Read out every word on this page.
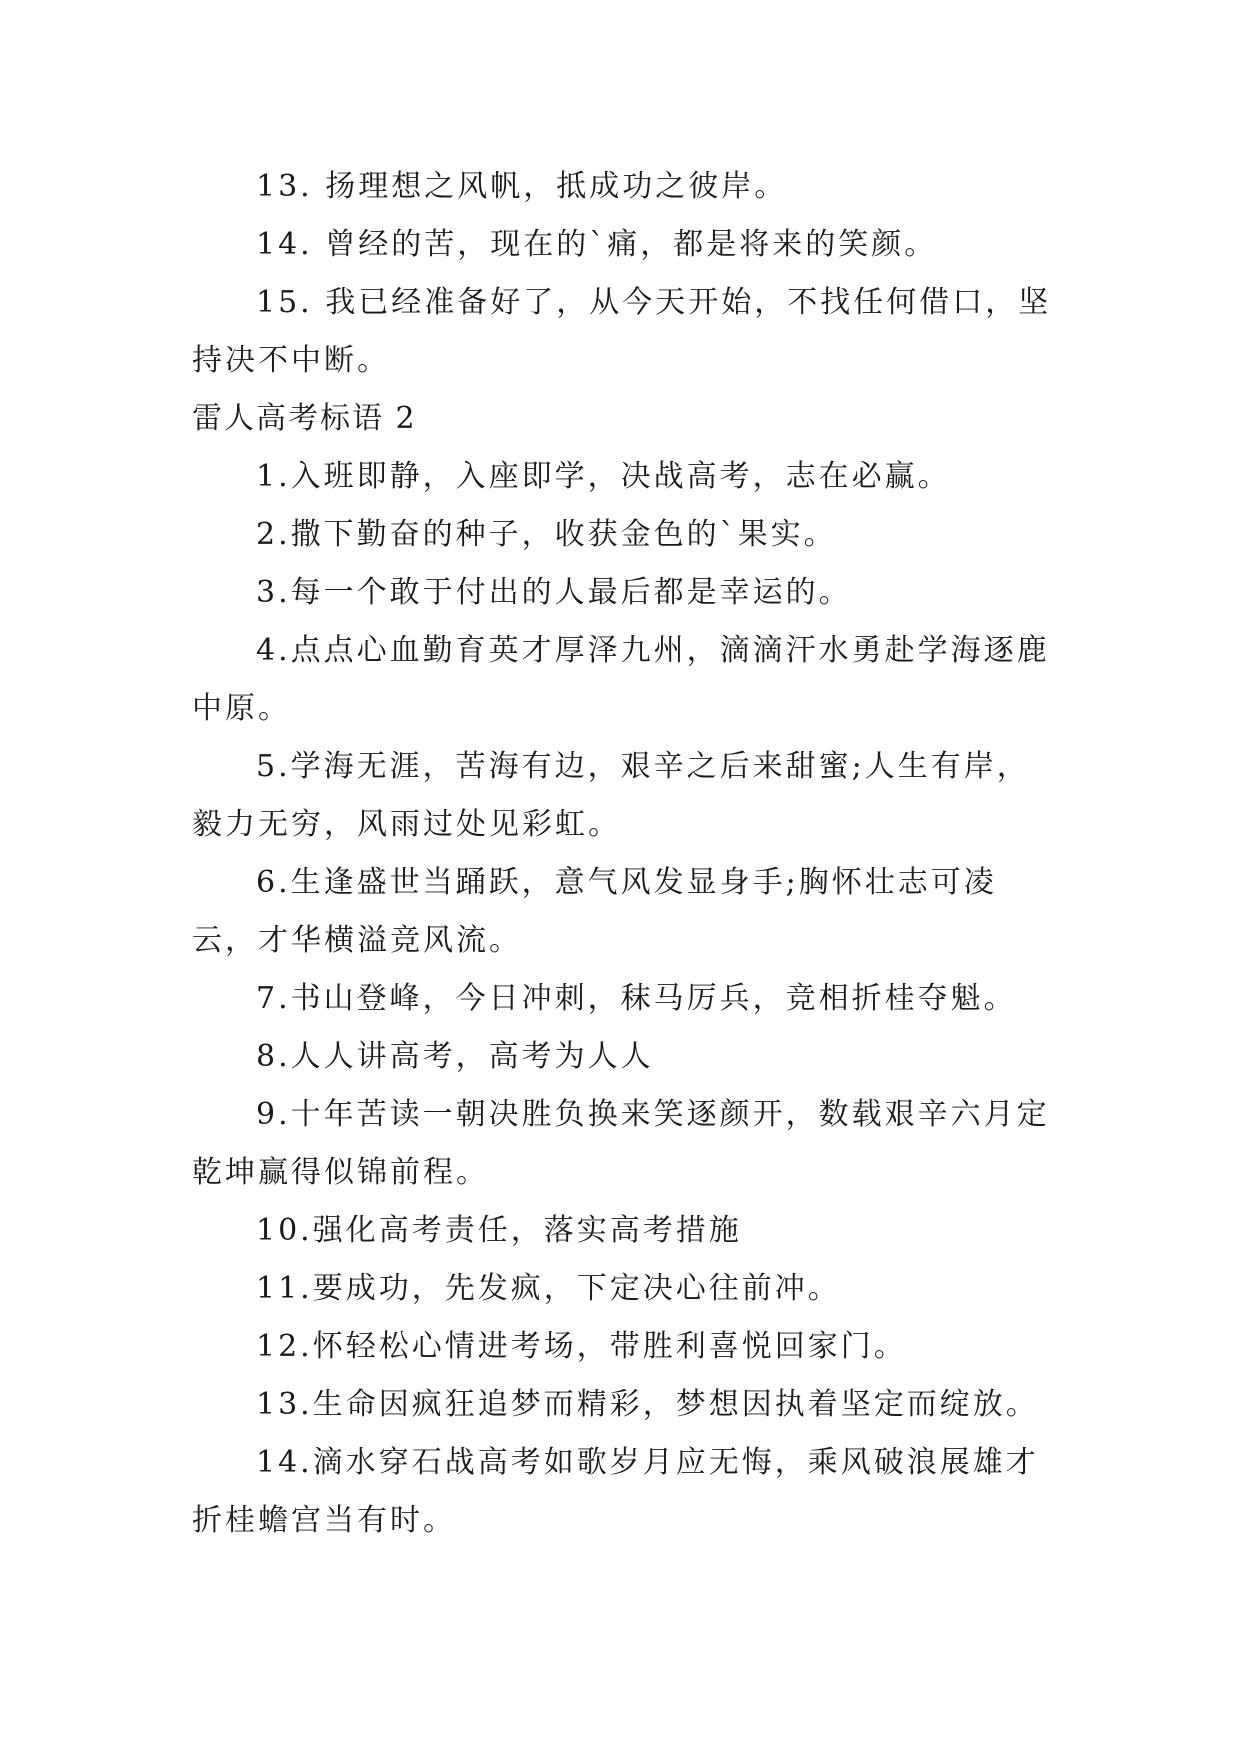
13. 扬理想之风帆，抵成功之彼岸。

14. 曾经的苦，现在的`痛，都是将来的笑颜。

15. 我已经准备好了，从今天开始，不找任何借口，坚持决不中断。

雷人高考标语 2

1.入班即静，入座即学，决战高考，志在必赢。

2.撒下勤奋的种子，收获金色的`果实。

3.每一个敢于付出的人最后都是幸运的。

4.点点心血勤育英才厚泽九州，滴滴汗水勇赴学海逐鹿中原。

5.学海无涯，苦海有边，艰辛之后来甜蜜;人生有岸，毅力无穷，风雨过处见彩虹。

6.生逢盛世当踊跃，意气风发显身手;胸怀壮志可凌云，才华横溢竞风流。

7.书山登峰，今日冲刺，秣马厉兵，竞相折桂夺魁。

8.人人讲高考，高考为人人

9.十年苦读一朝决胜负换来笑逐颜开，数载艰辛六月定乾坤赢得似锦前程。

10.强化高考责任，落实高考措施

11.要成功，先发疯，下定决心往前冲。

12.怀轻松心情进考场，带胜利喜悦回家门。

13.生命因疯狂追梦而精彩，梦想因执着坚定而绽放。

14.滴水穿石战高考如歌岁月应无悔，乘风破浪展雄才折桂蟾宫当有时。
